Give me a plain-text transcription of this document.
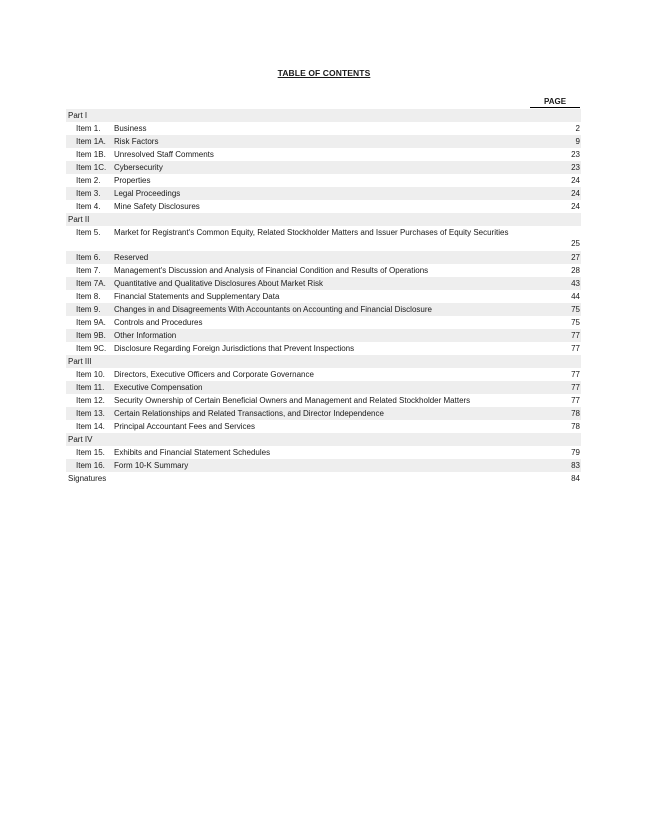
TABLE OF CONTENTS
PAGE
Part I
Item 1. Business	2
Item 1A. Risk Factors	9
Item 1B. Unresolved Staff Comments	23
Item 1C. Cybersecurity	23
Item 2. Properties	24
Item 3. Legal Proceedings	24
Item 4. Mine Safety Disclosures	24
Part II
Item 5. Market for Registrant's Common Equity, Related Stockholder Matters and Issuer Purchases of Equity Securities
25
Item 6. Reserved	27
Item 7. Management's Discussion and Analysis of Financial Condition and Results of Operations	28
Item 7A. Quantitative and Qualitative Disclosures About Market Risk	43
Item 8. Financial Statements and Supplementary Data	44
Item 9. Changes in and Disagreements With Accountants on Accounting and Financial Disclosure	75
Item 9A. Controls and Procedures	75
Item 9B. Other Information	77
Item 9C. Disclosure Regarding Foreign Jurisdictions that Prevent Inspections	77
Part III
Item 10. Directors, Executive Officers and Corporate Governance	77
Item 11. Executive Compensation	77
Item 12. Security Ownership of Certain Beneficial Owners and Management and Related Stockholder Matters	77
Item 13. Certain Relationships and Related Transactions, and Director Independence	78
Item 14. Principal Accountant Fees and Services	78
Part IV
Item 15. Exhibits and Financial Statement Schedules	79
Item 16. Form 10-K Summary	83
Signatures	84
